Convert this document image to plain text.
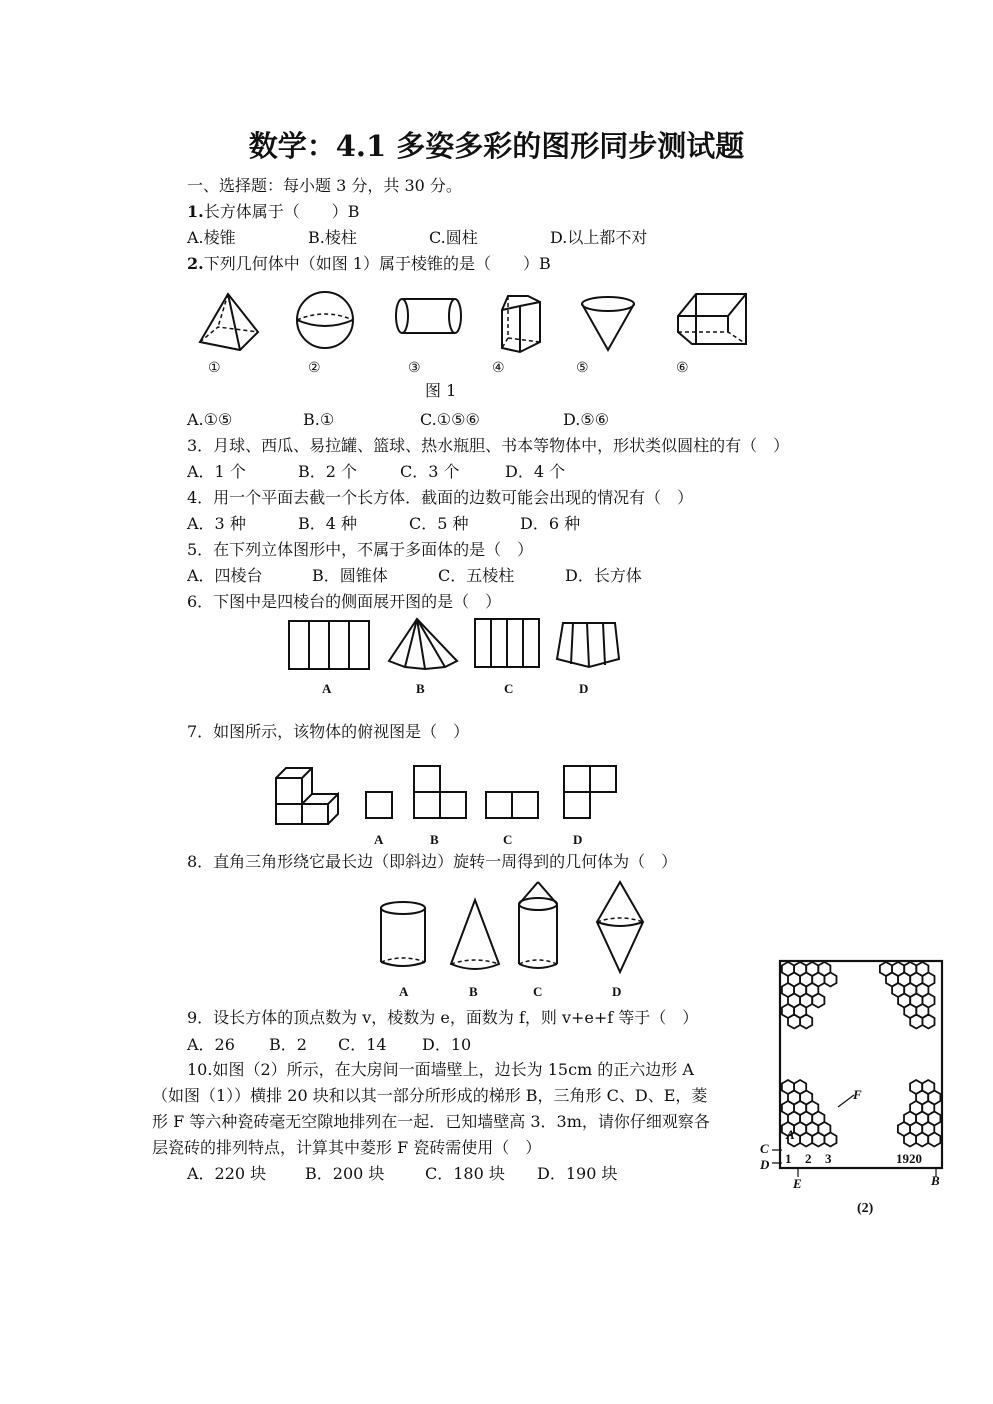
数学：4.1 多姿多彩的图形同步测试题
一、选择题：每小题 3 分，共 30 分。
1.长方体属于（　　）B
A.棱锥	B.棱柱	C.圆柱	D.以上都不对
2.下列几何体中（如图 1）属于棱锥的是（　　）B
①	②	③	④	⑤	⑥
图 1
A.①⑤	B.①	C.①⑤⑥	D.⑤⑥
3．月球、西瓜、易拉罐、篮球、热水瓶胆、书本等物体中，形状类似圆柱的有（　）
A．1 个	B．2 个	C．3 个	D．4 个
4．用一个平面去截一个长方体．截面的边数可能会出现的情况有（　）
A．3 种	B．4 种	C．5 种	D．6 种
5．在下列立体图形中，不属于多面体的是（　）
A．四棱台	B．圆锥体	C．五棱柱	D．长方体
6．下图中是四棱台的侧面展开图的是（　）
A	B	C	D
7．如图所示，该物体的俯视图是（　）
A	B	C	D
8．直角三角形绕它最长边（即斜边）旋转一周得到的几何体为（　）
A	B	C	D
9．设长方体的顶点数为 v，棱数为 e，面数为 f，则 v+e+f 等于（　）
A．26 B．2 C．14 D．10
10.如图（2）所示，在大房间一面墙壁上，边长为 15cm 的正六边形 A
（如图（1））横排 20 块和以其一部分所形成的梯形 B，三角形 C、D、E，菱
形 F 等六种瓷砖毫无空隙地排列在一起．已知墙壁高 3．3m，请你仔细观察各
层瓷砖的排列特点，计算其中菱形 F 瓷砖需使用（　）
A．220 块 B．200 块	C．180 块 D．190 块
F
A
C
D
E	B
1 2 3	1920
(2)
